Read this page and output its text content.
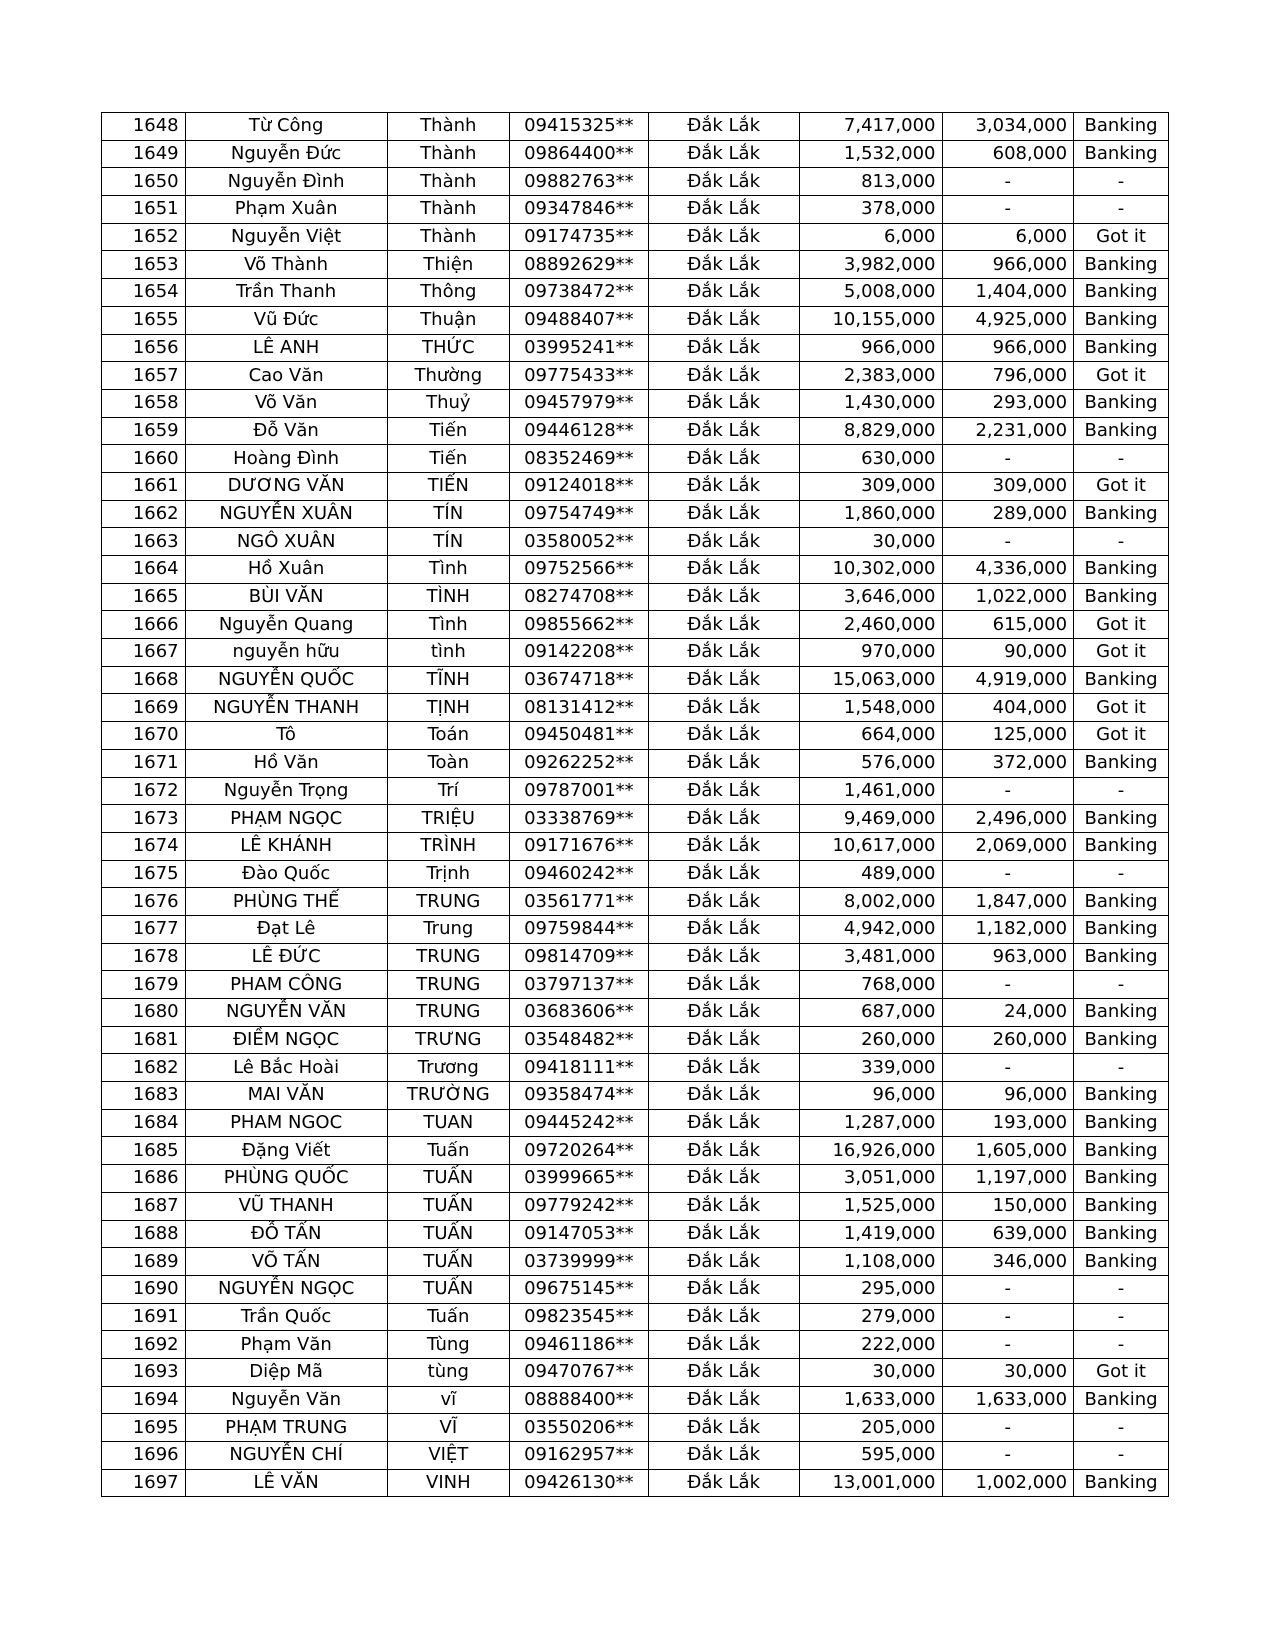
1648	Từ Công	Thành	09415325**	Đắk Lắk	7,417,000	3,034,000	Banking
1649	Nguyễn Đức	Thành	09864400**	Đắk Lắk	1,532,000	608,000	Banking
1650	Nguyễn Đình	Thành	09882763**	Đắk Lắk	813,000	-	-
1651	Phạm Xuân	Thành	09347846**	Đắk Lắk	378,000	-	-
1652	Nguyễn Việt	Thành	09174735**	Đắk Lắk	6,000	6,000	Got it
1653	Võ Thành	Thiện	08892629**	Đắk Lắk	3,982,000	966,000	Banking
1654	Trần Thanh	Thông	09738472**	Đắk Lắk	5,008,000	1,404,000	Banking
1655	Vũ Đức	Thuận	09488407**	Đắk Lắk	10,155,000	4,925,000	Banking
1656	LÊ ANH	THỨC	03995241**	Đắk Lắk	966,000	966,000	Banking
1657	Cao Văn	Thường	09775433**	Đắk Lắk	2,383,000	796,000	Got it
1658	Võ Văn	Thuỷ	09457979**	Đắk Lắk	1,430,000	293,000	Banking
1659	Đỗ Văn	Tiến	09446128**	Đắk Lắk	8,829,000	2,231,000	Banking
1660	Hoàng Đình	Tiến	08352469**	Đắk Lắk	630,000	-	-
1661	DƯƠNG VĂN	TIẾN	09124018**	Đắk Lắk	309,000	309,000	Got it
1662	NGUYỄN XUÂN	TÍN	09754749**	Đắk Lắk	1,860,000	289,000	Banking
1663	NGÔ XUÂN	TÍN	03580052**	Đắk Lắk	30,000	-	-
1664	Hồ Xuân	Tình	09752566**	Đắk Lắk	10,302,000	4,336,000	Banking
1665	BÙI VĂN	TÌNH	08274708**	Đắk Lắk	3,646,000	1,022,000	Banking
1666	Nguyễn Quang	Tình	09855662**	Đắk Lắk	2,460,000	615,000	Got it
1667	nguyễn hữu	tình	09142208**	Đắk Lắk	970,000	90,000	Got it
1668	NGUYỄN QUỐC	TĨNH	03674718**	Đắk Lắk	15,063,000	4,919,000	Banking
1669	NGUYỄN THANH	TỊNH	08131412**	Đắk Lắk	1,548,000	404,000	Got it
1670	Tô	Toán	09450481**	Đắk Lắk	664,000	125,000	Got it
1671	Hồ Văn	Toàn	09262252**	Đắk Lắk	576,000	372,000	Banking
1672	Nguyễn Trọng	Trí	09787001**	Đắk Lắk	1,461,000	-	-
1673	PHẠM NGỌC	TRIỆU	03338769**	Đắk Lắk	9,469,000	2,496,000	Banking
1674	LÊ KHÁNH	TRÌNH	09171676**	Đắk Lắk	10,617,000	2,069,000	Banking
1675	Đào Quốc	Trịnh	09460242**	Đắk Lắk	489,000	-	-
1676	PHÙNG THẾ	TRUNG	03561771**	Đắk Lắk	8,002,000	1,847,000	Banking
1677	Đạt Lê	Trung	09759844**	Đắk Lắk	4,942,000	1,182,000	Banking
1678	LÊ ĐỨC	TRUNG	09814709**	Đắk Lắk	3,481,000	963,000	Banking
1679	PHAM CÔNG	TRUNG	03797137**	Đắk Lắk	768,000	-	-
1680	NGUYỄN VĂN	TRUNG	03683606**	Đắk Lắk	687,000	24,000	Banking
1681	ĐIỀM NGỌC	TRƯNG	03548482**	Đắk Lắk	260,000	260,000	Banking
1682	Lê Bắc Hoài	Trương	09418111**	Đắk Lắk	339,000	-	-
1683	MAI VĂN	TRƯỜNG	09358474**	Đắk Lắk	96,000	96,000	Banking
1684	PHAM NGOC	TUAN	09445242**	Đắk Lắk	1,287,000	193,000	Banking
1685	Đặng Viết	Tuấn	09720264**	Đắk Lắk	16,926,000	1,605,000	Banking
1686	PHÙNG QUỐC	TUẤN	03999665**	Đắk Lắk	3,051,000	1,197,000	Banking
1687	VŨ THANH	TUẤN	09779242**	Đắk Lắk	1,525,000	150,000	Banking
1688	ĐỖ TẤN	TUẤN	09147053**	Đắk Lắk	1,419,000	639,000	Banking
1689	VÕ TẤN	TUẤN	03739999**	Đắk Lắk	1,108,000	346,000	Banking
1690	NGUYỄN NGỌC	TUẤN	09675145**	Đắk Lắk	295,000	-	-
1691	Trần Quốc	Tuấn	09823545**	Đắk Lắk	279,000	-	-
1692	Phạm Văn	Tùng	09461186**	Đắk Lắk	222,000	-	-
1693	Diệp Mã	tùng	09470767**	Đắk Lắk	30,000	30,000	Got it
1694	Nguyễn Văn	vĩ	08888400**	Đắk Lắk	1,633,000	1,633,000	Banking
1695	PHẠM TRUNG	VĨ	03550206**	Đắk Lắk	205,000	-	-
1696	NGUYỄN CHÍ	VIỆT	09162957**	Đắk Lắk	595,000	-	-
1697	LÊ VĂN	VINH	09426130**	Đắk Lắk	13,001,000	1,002,000	Banking
